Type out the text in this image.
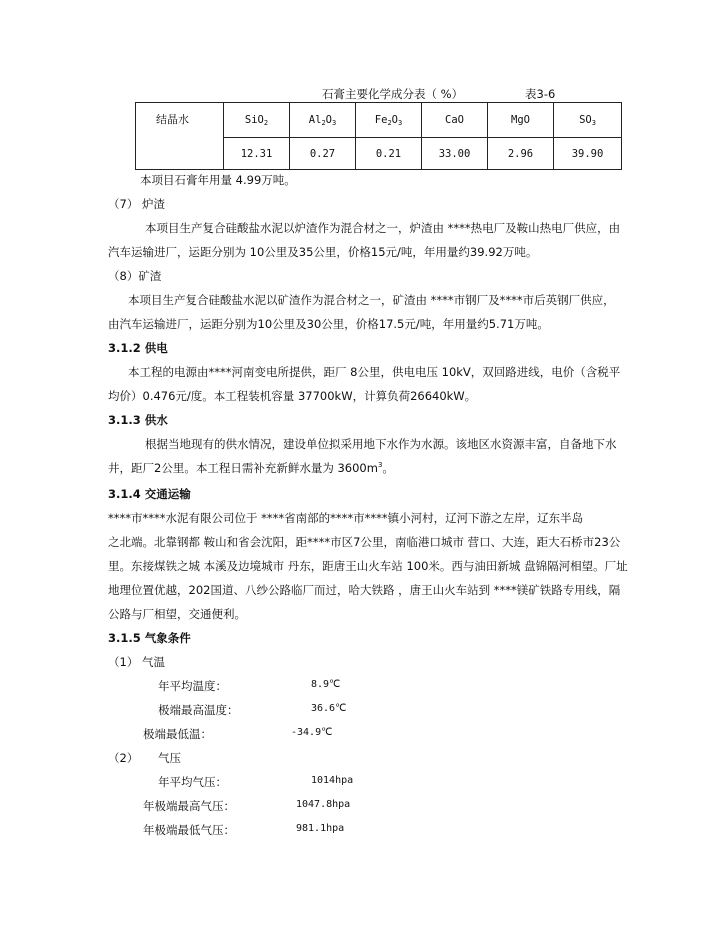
石膏主要化学成分表（ %）	表3-6
结晶水	SiO$_2$	$Al_2O_3$	$Fe_2O_3$	CaO	MgO	$SO_3$
	12.31	0.27	0.21	33.00	2.96	39.90
本项目石膏年用量 4.99万吨。
（7） 炉渣
本项目生产复合硅酸盐水泥以炉渣作为混合材之一，炉渣由 ****热电厂及鞍山热电厂供应，由
汽车运输进厂，运距分别为 10公里及35公里，价格15元/吨，年用量约39.92万吨。
（8）矿渣
本项目生产复合硅酸盐水泥以矿渣作为混合材之一，矿渣由 ****市钢厂及****市后英钢厂供应，
由汽车运输进厂，运距分别为10公里及30公里，价格17.5元/吨，年用量约5.71万吨。
3.1.2 供电
本工程的电源由****河南变电所提供，距厂 8公里，供电电压 10kV，双回路进线，电价（含税平
均价）0.476元/度。本工程装机容量 37700kW，计算负荷26640kW。
3.1.3 供水
根据当地现有的供水情况，建设单位拟采用地下水作为水源。该地区水资源丰富，自备地下水
井，距厂2公里。本工程日需补充新鲜水量为 $3600m^3$。
3.1.4 交通运输
****市****水泥有限公司位于 ****省南部的****市****镇小河村，辽河下游之左岸，辽东半岛
之北端。北靠钢都 鞍山和省会沈阳，距****市区7公里，南临港口城市 营口、大连，距大石桥市23公
里。东接煤铁之城 本溪及边境城市 丹东，距唐王山火车站 100米。西与油田新城 盘锦隔河相望。厂址
地理位置优越，202国道、八纱公路临厂而过，哈大铁路 ，唐王山火车站到 ****镁矿铁路专用线，隔
公路与厂相望，交通便利。
3.1.5 气象条件
（1） 气温
年平均温度：	8.9℃
极端最高温度：	36.6℃
极端最低温：	-34.9℃
（2） 气压
年平均气压：	1014hpa
年极端最高气压：	1047.8hpa
年极端最低气压：	981.1hpa
